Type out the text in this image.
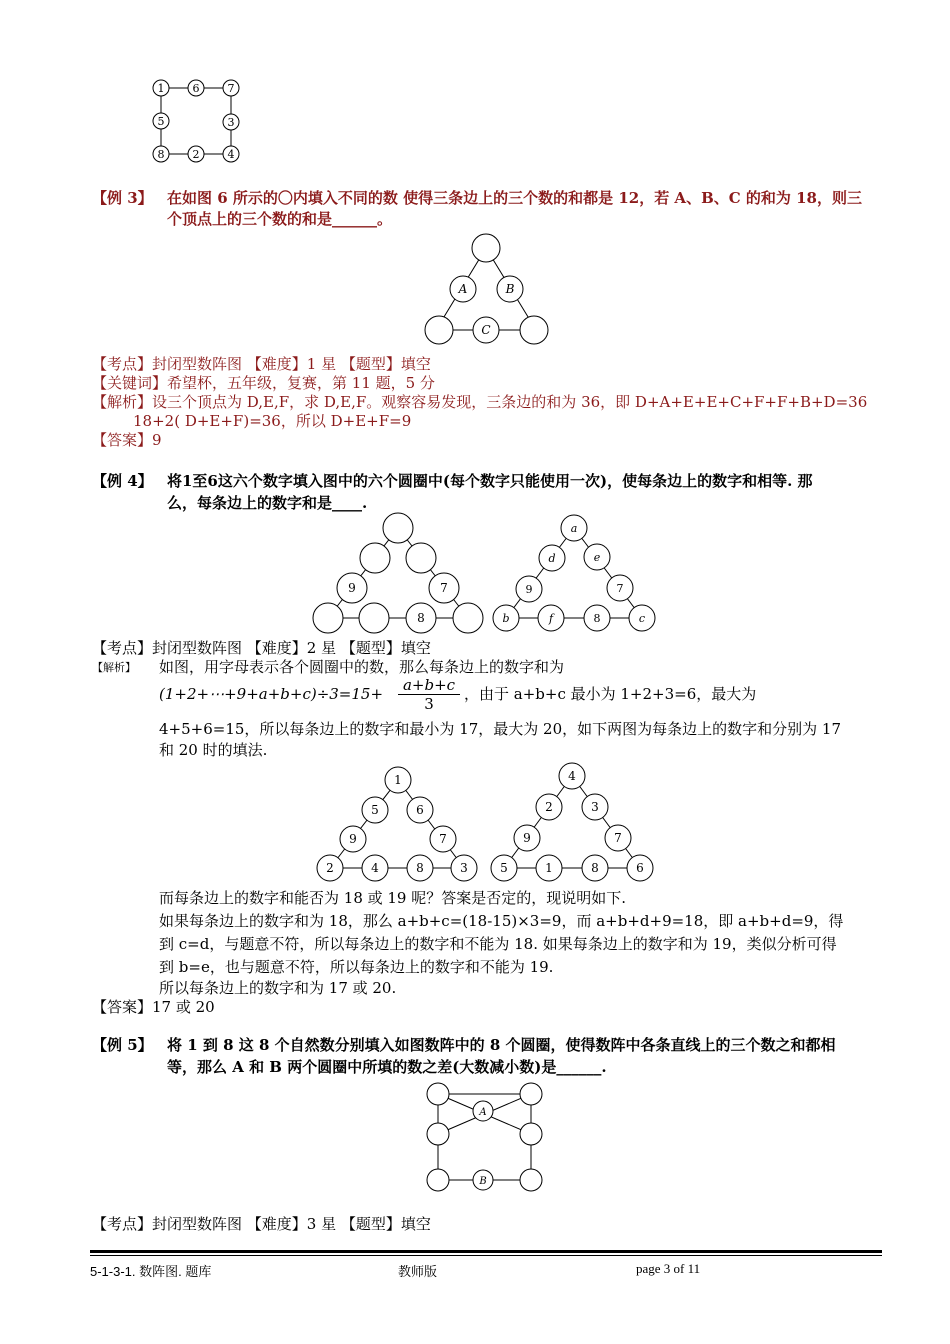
1	6	7
5	3
8	2	4
【例 3】 在如图 6 所示的〇内填入不同的数 使得三条边上的三个数的和都是 12，若 A、B、C 的和为 18，则三
个顶点上的三个数的和是______。
A	B
C
【考点】封闭型数阵图 【难度】1 星 【题型】填空
【关键词】希望杯，五年级，复赛，第 11 题，5 分
【解析】设三个顶点为 D,E,F，求 D,E,F。观察容易发现，三条边的和为 36，即 D+A+E+E+C+F+F+B+D=36
18+2( D+E+F)=36，所以 D+E+F=9
【答案】9
【例 4】 将1至6这六个数字填入图中的六个圆圈中(每个数字只能使用一次)，使每条边上的数字和相等. 那
么，每条边上的数字和是____.
9	7
8
a
d	e
9	7
b	f	8	c
【考点】封闭型数阵图 【难度】2 星 【题型】填空
【解析】 如图，用字母表示各个圆圈中的数，那么每条边上的数字和为
(1+2+⋯+9+a+b+c)÷3=15+	a+b+c
3
，由于 a+b+c 最小为 1+2+3=6，最大为
4+5+6=15，所以每条边上的数字和最小为 17，最大为 20，如下两图为每条边上的数字和分别为 17
和 20 时的填法.
1
5	6
9	7
2	4	8	3
4
2	3
9	7
5	1	8	6
而每条边上的数字和能否为 18 或 19 呢？答案是否定的，现说明如下.
如果每条边上的数字和为 18，那么 a+b+c=(18-15)×3=9，而 a+b+d+9=18，即 a+b+d=9，得
到 c=d，与题意不符，所以每条边上的数字和不能为 18. 如果每条边上的数字和为 19，类似分析可得
到 b=e，也与题意不符，所以每条边上的数字和不能为 19.
所以每条边上的数字和为 17 或 20.
【答案】17 或 20
【例 5】 将 1 到 8 这 8 个自然数分别填入如图数阵中的 8 个圆圈，使得数阵中各条直线上的三个数之和都相
等，那么 A 和 B 两个圆圈中所填的数之差(大数减小数)是______.
A
B
【考点】封闭型数阵图 【难度】3 星 【题型】填空
5-1-3-1. 数阵图. 题库	教师版	page 3 of 11
